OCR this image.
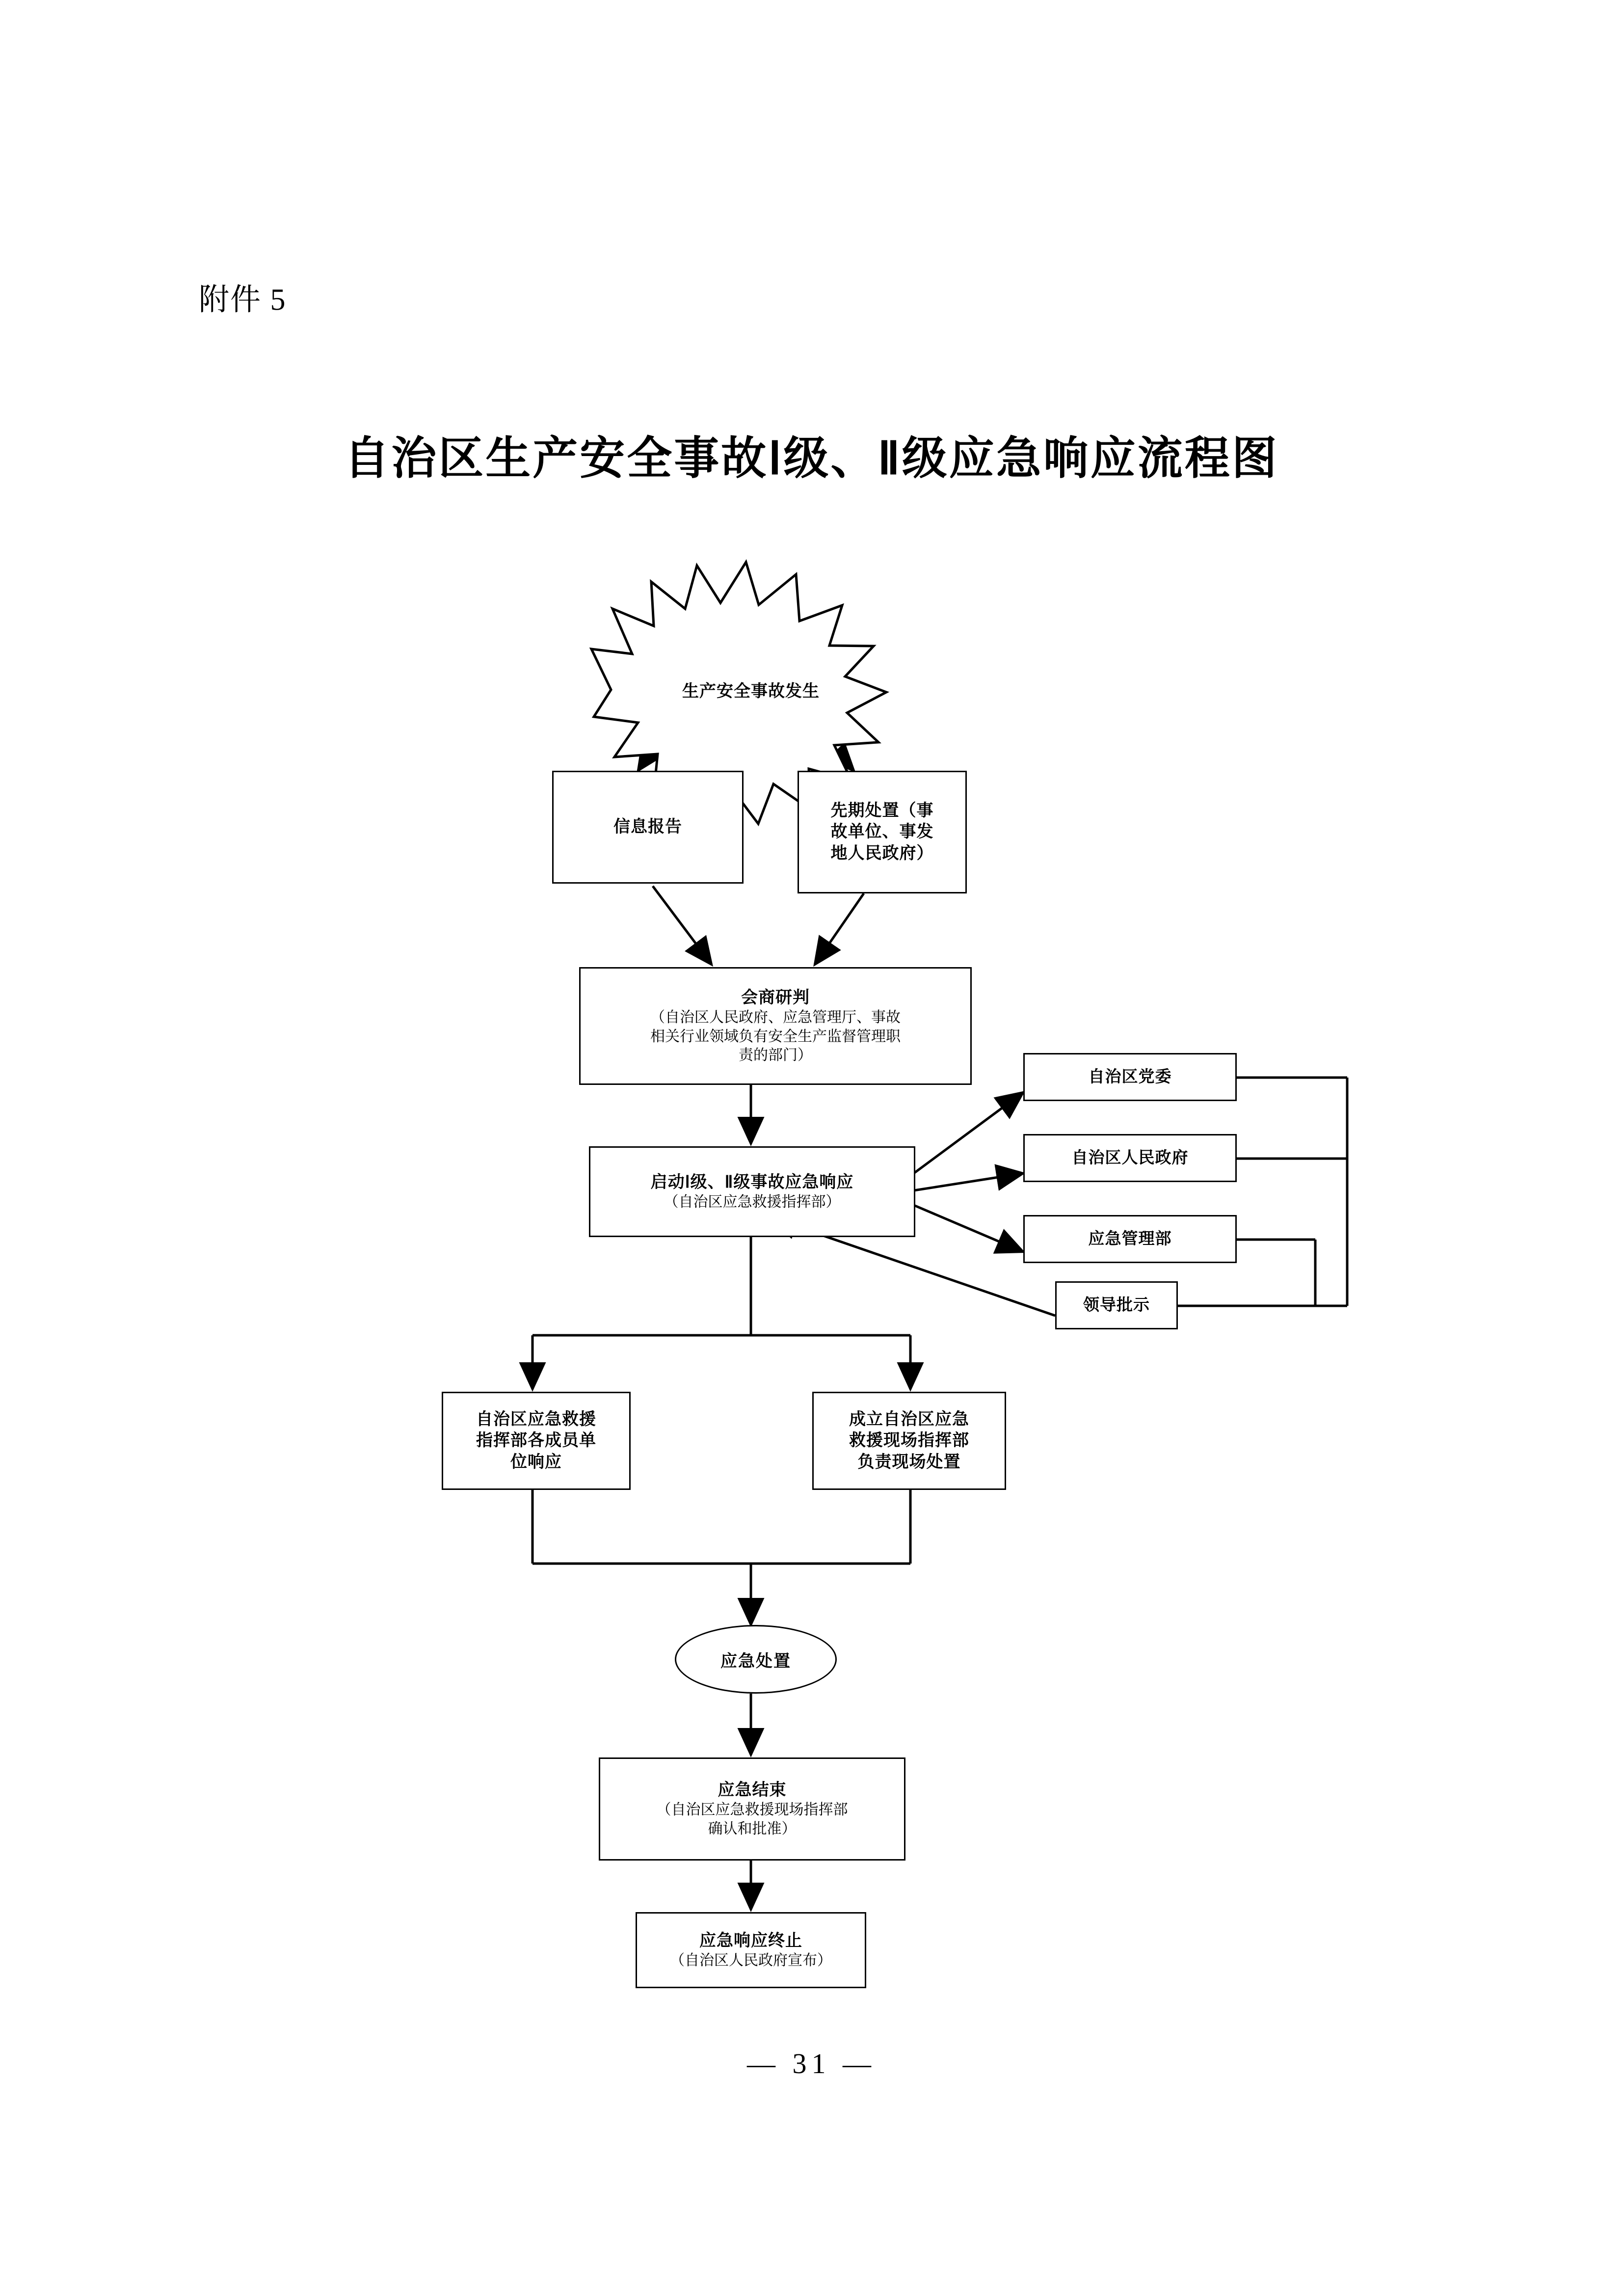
附件 5
自治区生产安全事故Ⅰ级、Ⅱ级应急响应流程图
生产安全事故发生
信息报告
先期处置（事
故单位、事发
地人民政府）
会商研判
（自治区人民政府、应急管理厅、事故
相关行业领域负有安全生产监督管理职
责的部门）
启动Ⅰ级、Ⅱ级事故应急响应
（自治区应急救援指挥部）
自治区党委
自治区人民政府
应急管理部
领导批示
自治区应急救援
指挥部各成员单
位响应
成立自治区应急
救援现场指挥部
负责现场处置
应急处置
应急结束
（自治区应急救援现场指挥部
确认和批准）
应急响应终止
（自治区人民政府宣布）
— 31 —
